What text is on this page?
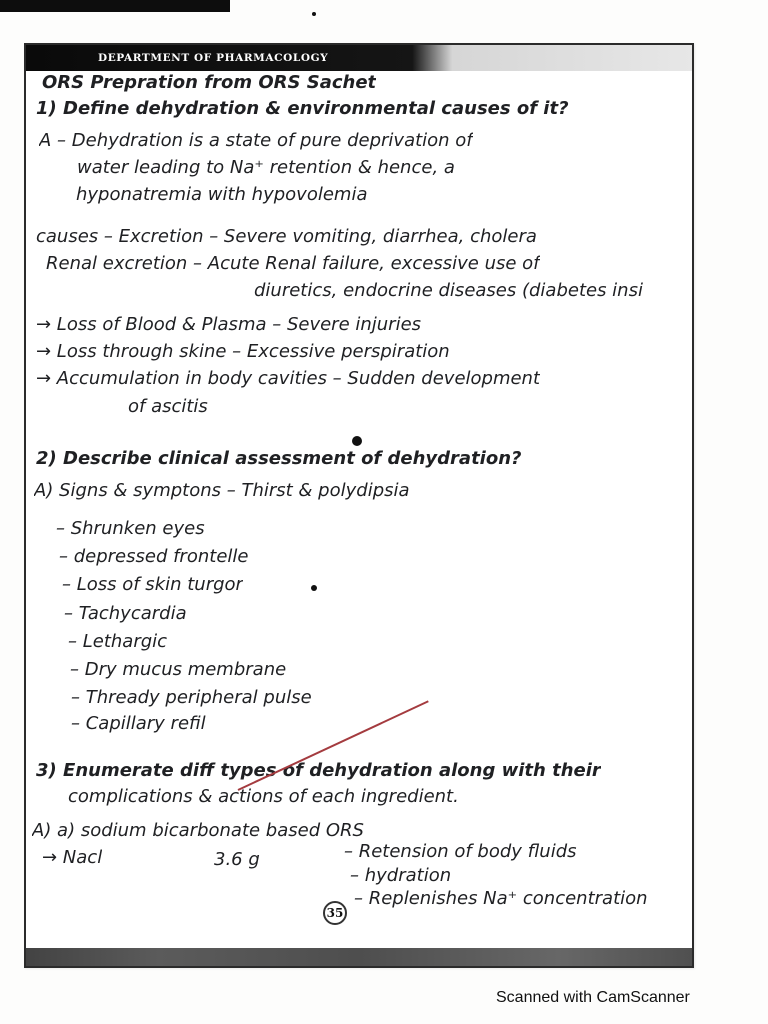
DEPARTMENT OF PHARMACOLOGY
ORS Prepration from ORS Sachet
1) Define dehydration & environmental causes of it?
A – Dehydration is a state of pure deprivation of
water leading to Na⁺ retention & hence, a
hyponatremia with hypovolemia
causes – Excretion – Severe vomiting, diarrhea, cholera
Renal excretion – Acute Renal failure, excessive use of
diuretics, endocrine diseases (diabetes insi
→ Loss of Blood & Plasma – Severe injuries
→ Loss through skine – Excessive perspiration
→ Accumulation in body cavities – Sudden development
of ascitis
2) Describe clinical assessment of dehydration?
A) Signs & symptons – Thirst & polydipsia
– Shrunken eyes
– depressed frontelle
– Loss of skin turgor
– Tachycardia
– Lethargic
– Dry mucus membrane
– Thready peripheral pulse
– Capillary refil
3) Enumerate diff types of dehydration along with their
complications & actions of each ingredient.
A) a) sodium bicarbonate based ORS
→ Nacl	3.6 g	– Retension of body fluids
– hydration
– Replenishes Na⁺ concentration
35
Scanned with CamScanner
